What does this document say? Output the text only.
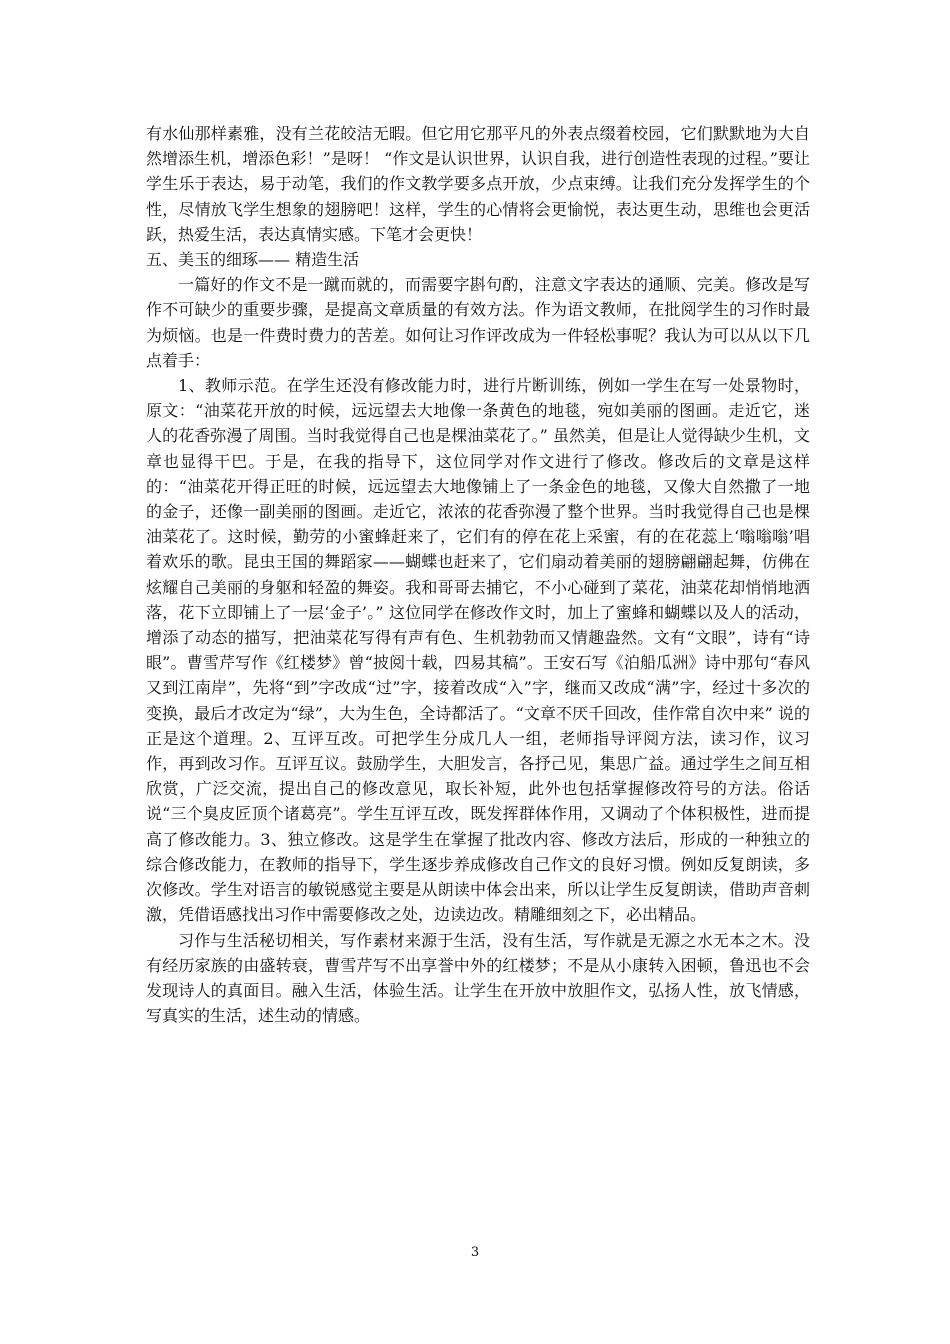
有水仙那样素雅，没有兰花皎洁无暇。但它用它那平凡的外表点缀着校园，它们默默地为大自然增添生机，增添色彩！”是呀！ “作文是认识世界，认识自我，进行创造性表现的过程。”要让学生乐于表达，易于动笔，我们的作文教学要多点开放，少点束缚。让我们充分发挥学生的个性，尽情放飞学生想象的翅膀吧！这样，学生的心情将会更愉悦，表达更生动，思维也会更活跃，热爱生活，表达真情实感。下笔才会更快！

五、美玉的细琢—— 精造生活

一篇好的作文不是一蹴而就的，而需要字斟句酌，注意文字表达的通顺、完美。修改是写作不可缺少的重要步骤，是提高文章质量的有效方法。作为语文教师，在批阅学生的习作时最为烦恼。也是一件费时费力的苦差。如何让习作评改成为一件轻松事呢？我认为可以从以下几点着手：

1、教师示范。在学生还没有修改能力时，进行片断训练，例如一学生在写一处景物时，原文：“油菜花开放的时候，远远望去大地像一条黄色的地毯，宛如美丽的图画。走近它，迷人的花香弥漫了周围。当时我觉得自己也是棵油菜花了。” 虽然美，但是让人觉得缺少生机，文章也显得干巴。于是，在我的指导下，这位同学对作文进行了修改。修改后的文章是这样的：“油菜花开得正旺的时候，远远望去大地像铺上了一条金色的地毯，又像大自然撒了一地的金子，还像一副美丽的图画。走近它，浓浓的花香弥漫了整个世界。当时我觉得自己也是棵油菜花了。这时候，勤劳的小蜜蜂赶来了，它们有的停在花上采蜜，有的在花蕊上‘嗡嗡嗡’唱着欢乐的歌。昆虫王国的舞蹈家——蝴蝶也赶来了，它们扇动着美丽的翅膀翩翩起舞，仿佛在炫耀自己美丽的身躯和轻盈的舞姿。我和哥哥去捕它，不小心碰到了菜花，油菜花却悄悄地洒落，花下立即铺上了一层‘金子’。” 这位同学在修改作文时，加上了蜜蜂和蝴蝶以及人的活动，增添了动态的描写，把油菜花写得有声有色、生机勃勃而又情趣盎然。文有“文眼”，诗有“诗眼”。曹雪芹写作《红楼梦》曾“披阅十载，四易其稿”。王安石写《泊船瓜洲》诗中那句“春风又到江南岸”，先将“到”字改成“过”字，接着改成“入”字，继而又改成“满”字，经过十多次的变换，最后才改定为“绿”，大为生色，全诗都活了。“文章不厌千回改，佳作常自次中来” 说的正是这个道理。2、互评互改。可把学生分成几人一组，老师指导评阅方法，读习作，议习作，再到改习作。互评互议。鼓励学生，大胆发言，各抒己见，集思广益。通过学生之间互相欣赏，广泛交流，提出自己的修改意见，取长补短，此外也包括掌握修改符号的方法。俗话说“三个臭皮匠顶个诸葛亮”。学生互评互改，既发挥群体作用，又调动了个体积极性，进而提高了修改能力。3、独立修改。这是学生在掌握了批改内容、修改方法后，形成的一种独立的综合修改能力，在教师的指导下，学生逐步养成修改自己作文的良好习惯。例如反复朗读，多次修改。学生对语言的敏锐感觉主要是从朗读中体会出来，所以让学生反复朗读，借助声音刺激，凭借语感找出习作中需要修改之处，边读边改。精雕细刻之下，必出精品。

习作与生活秘切相关，写作素材来源于生活，没有生活，写作就是无源之水无本之木。没有经历家族的由盛转衰，曹雪芹写不出享誉中外的红楼梦；不是从小康转入困顿，鲁迅也不会发现诗人的真面目。融入生活，体验生活。让学生在开放中放胆作文，弘扬人性，放飞情感，写真实的生活，述生动的情感。

3
